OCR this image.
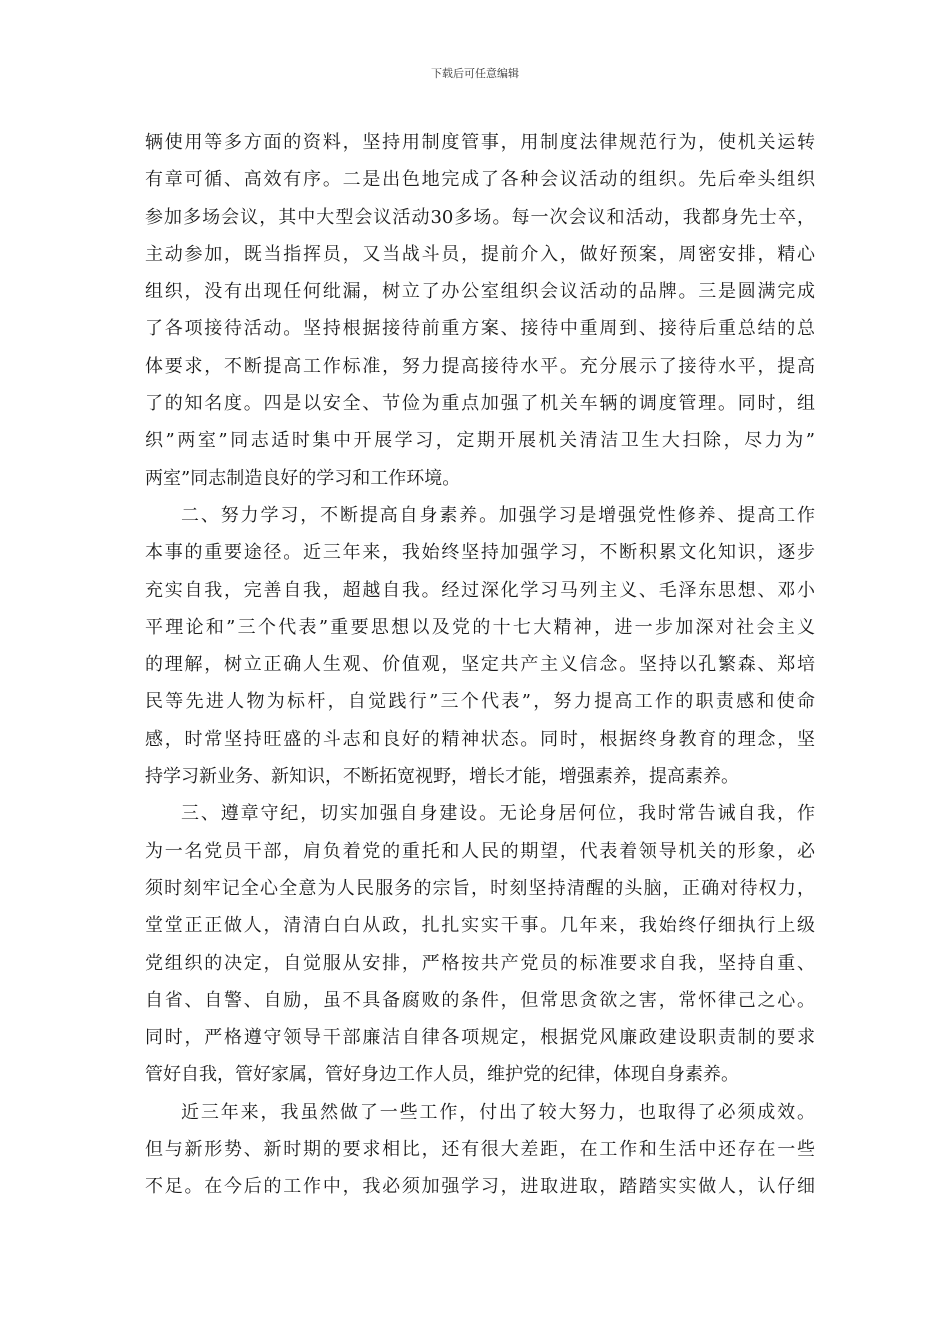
下载后可任意编辑
辆使用等多方面的资料，坚持用制度管事，用制度法律规范行为，使机关运转
有章可循、高效有序。二是出色地完成了各种会议活动的组织。先后牵头组织
参加多场会议，其中大型会议活动30多场。每一次会议和活动，我都身先士卒，
主动参加，既当指挥员，又当战斗员，提前介入，做好预案，周密安排，精心
组织，没有出现任何纰漏，树立了办公室组织会议活动的品牌。三是圆满完成
了各项接待活动。坚持根据接待前重方案、接待中重周到、接待后重总结的总
体要求，不断提高工作标准，努力提高接待水平。充分展示了接待水平，提高
了的知名度。四是以安全、节俭为重点加强了机关车辆的调度管理。同时，组
织”两室”同志适时集中开展学习，定期开展机关清洁卫生大扫除，尽力为”
两室”同志制造良好的学习和工作环境。
二、努力学习，不断提高自身素养。加强学习是增强党性修养、提高工作
本事的重要途径。近三年来，我始终坚持加强学习，不断积累文化知识，逐步
充实自我，完善自我，超越自我。经过深化学习马列主义、毛泽东思想、邓小
平理论和”三个代表”重要思想以及党的十七大精神，进一步加深对社会主义
的理解，树立正确人生观、价值观，坚定共产主义信念。坚持以孔繁森、郑培
民等先进人物为标杆，自觉践行”三个代表”，努力提高工作的职责感和使命
感，时常坚持旺盛的斗志和良好的精神状态。同时，根据终身教育的理念，坚
持学习新业务、新知识，不断拓宽视野，增长才能，增强素养，提高素养。
三、遵章守纪，切实加强自身建设。无论身居何位，我时常告诫自我，作
为一名党员干部，肩负着党的重托和人民的期望，代表着领导机关的形象，必
须时刻牢记全心全意为人民服务的宗旨，时刻坚持清醒的头脑，正确对待权力，
堂堂正正做人，清清白白从政，扎扎实实干事。几年来，我始终仔细执行上级
党组织的决定，自觉服从安排，严格按共产党员的标准要求自我，坚持自重、
自省、自警、自励，虽不具备腐败的条件，但常思贪欲之害，常怀律己之心。
同时，严格遵守领导干部廉洁自律各项规定，根据党风廉政建设职责制的要求
管好自我，管好家属，管好身边工作人员，维护党的纪律，体现自身素养。
近三年来，我虽然做了一些工作，付出了较大努力，也取得了必须成效。
但与新形势、新时期的要求相比，还有很大差距，在工作和生活中还存在一些
不足。在今后的工作中，我必须加强学习，进取进取，踏踏实实做人，认仔细
